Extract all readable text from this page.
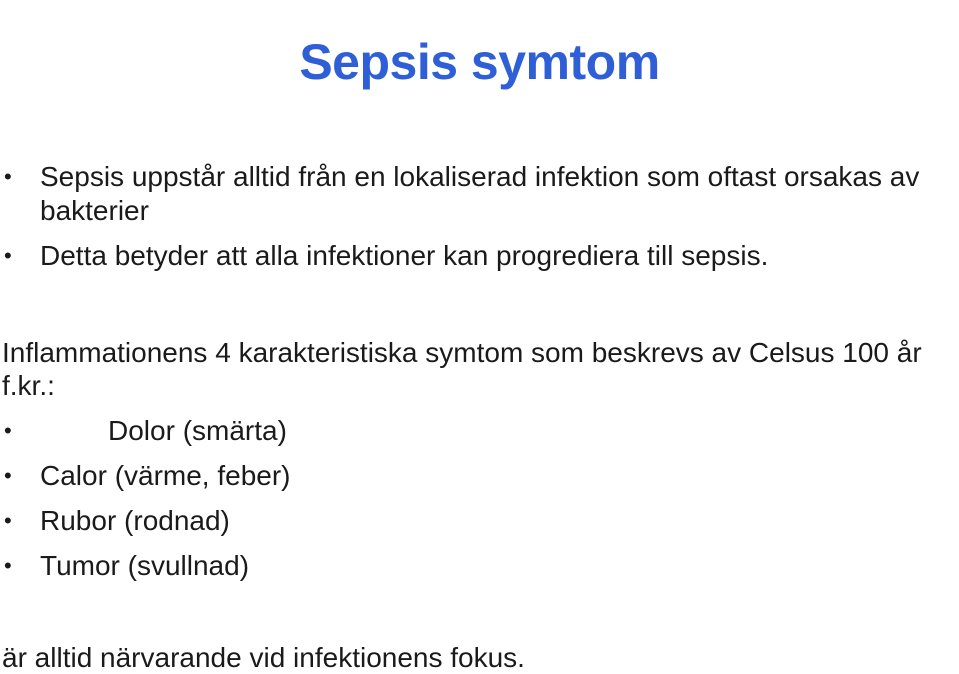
Sepsis symtom
• Sepsis uppstår alltid från en lokaliserad infektion som oftast orsakas av bakterier
• Detta betyder att alla infektioner kan progrediera till sepsis.

Inflammationens 4 karakteristiska symtom som beskrevs av Celsus 100 år f.kr.:

•	Dolor (smärta)
• Calor (värme, feber)
• Rubor (rodnad)
• Tumor (svullnad)

är alltid närvarande vid infektionens fokus.
